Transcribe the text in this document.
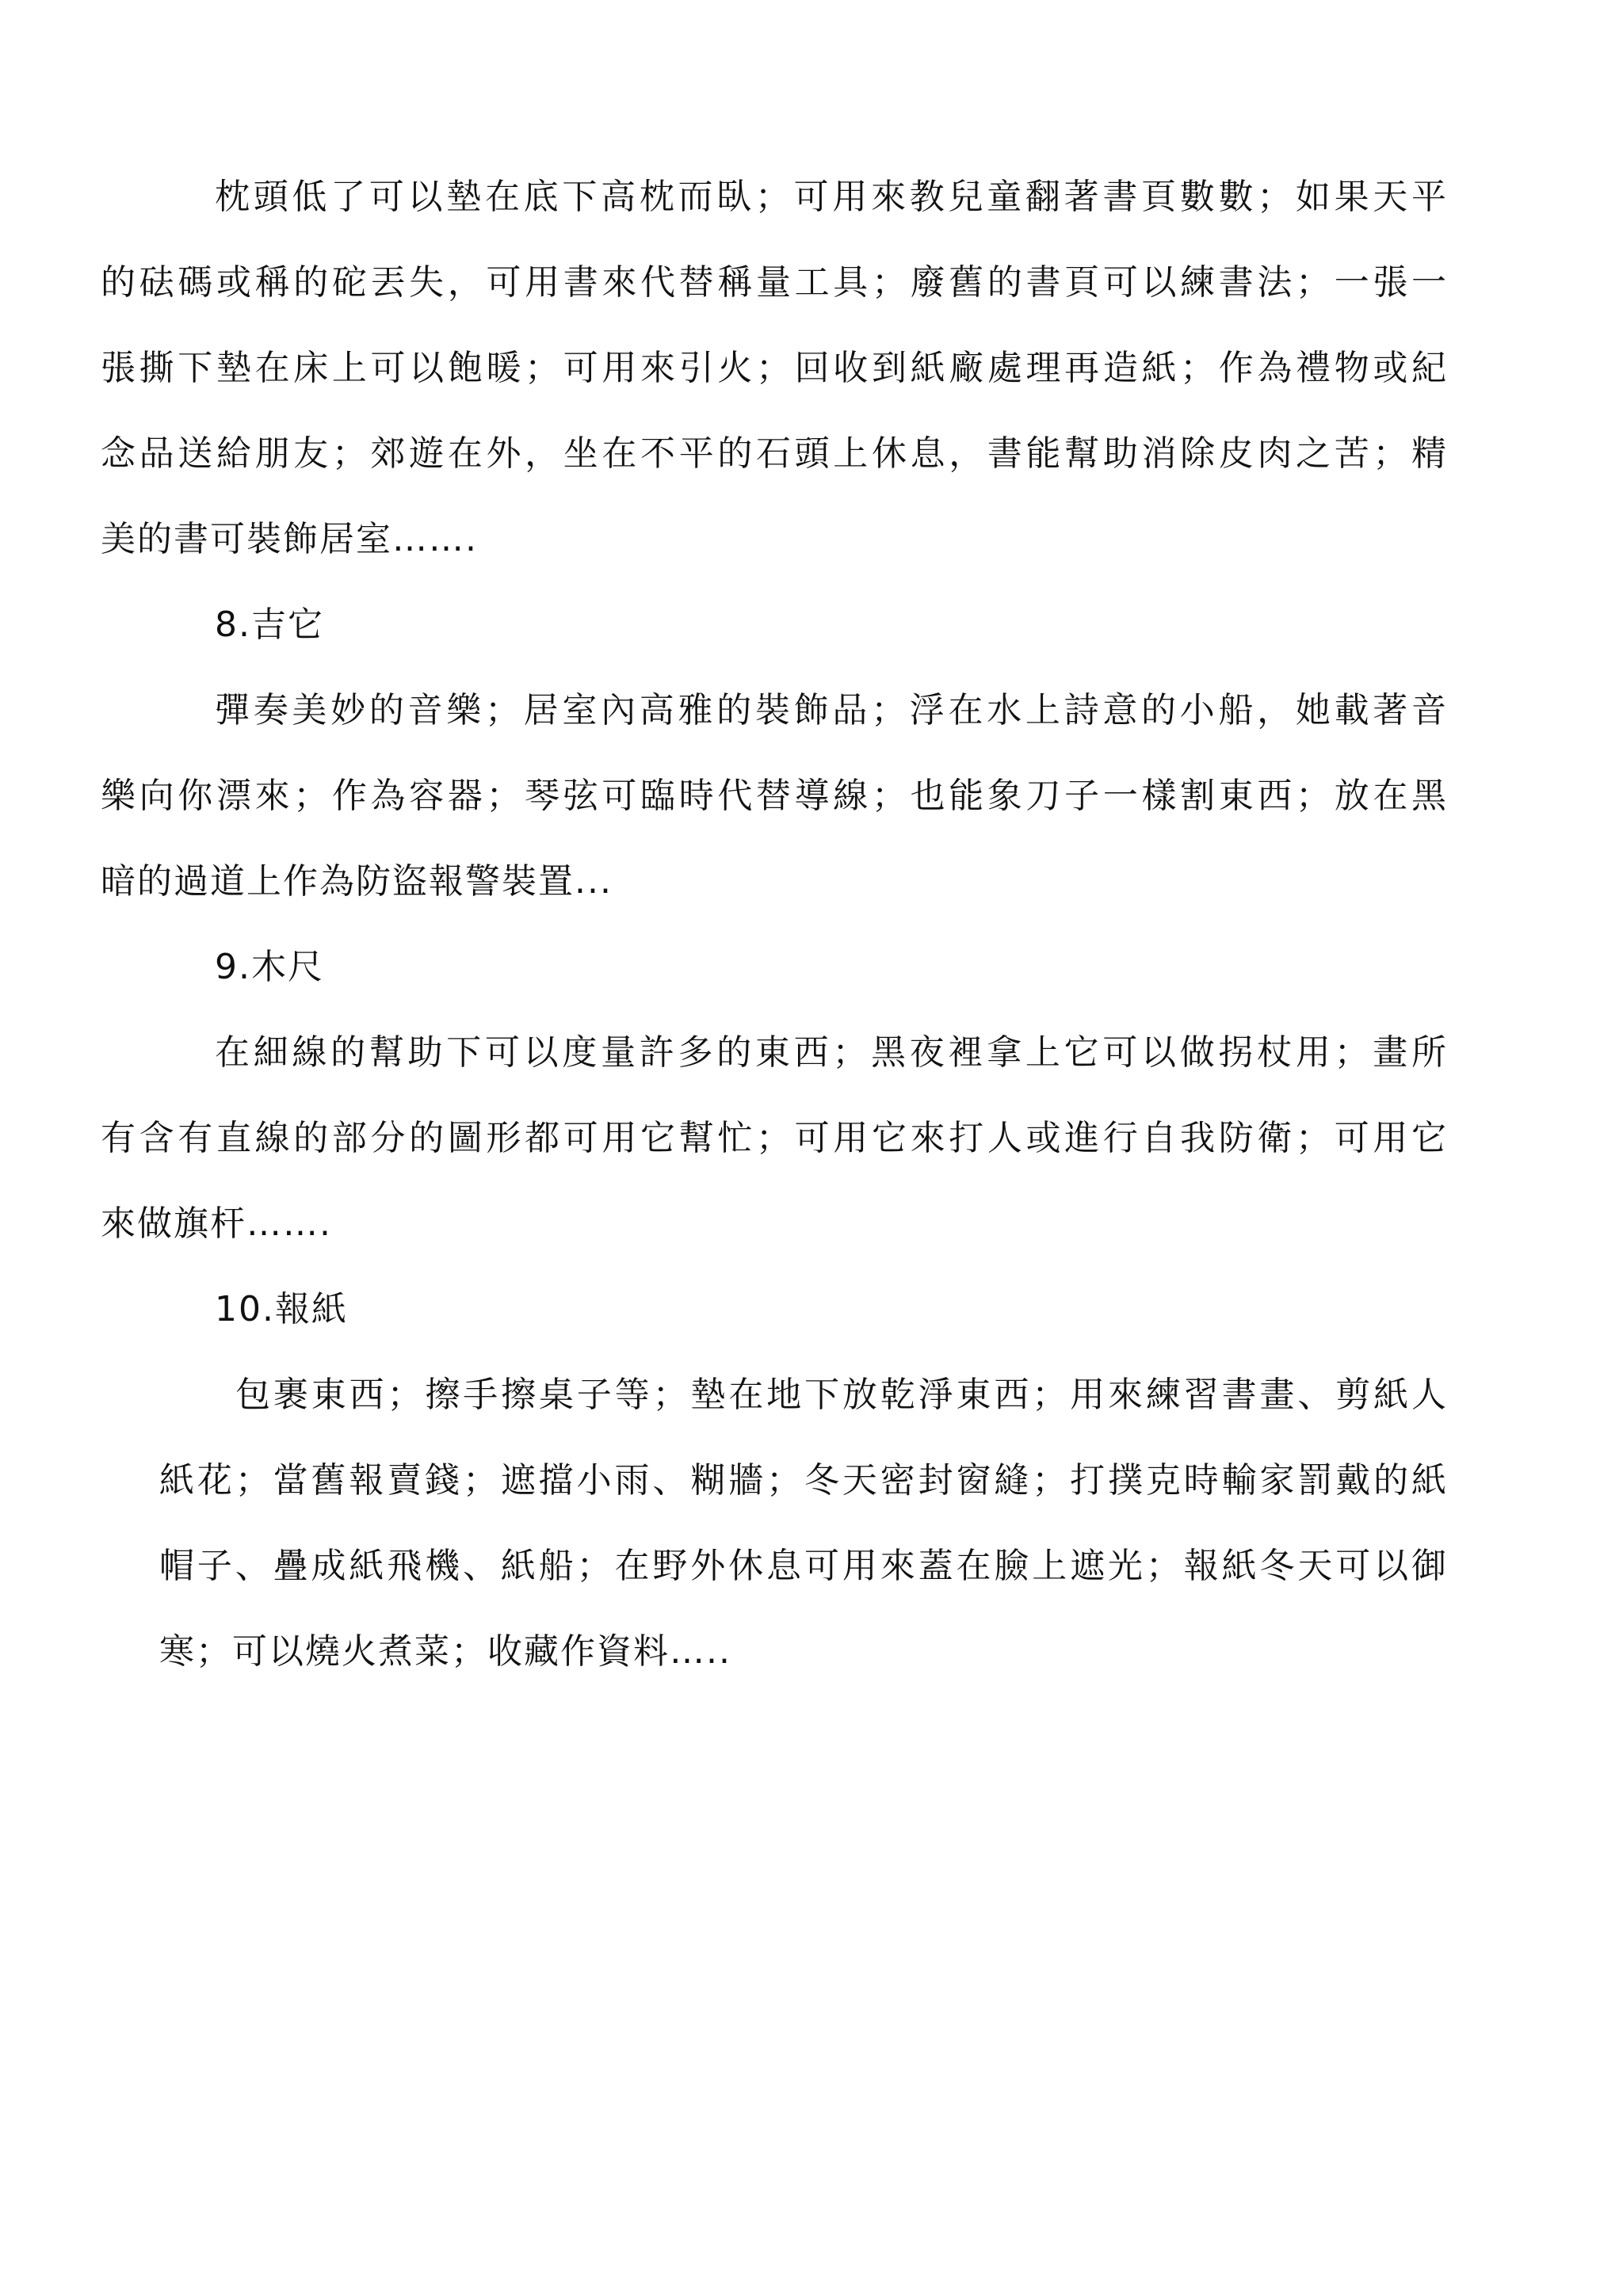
枕頭低了可以墊在底下高枕而臥；可用來教兒童翻著書頁數數；如果天平
的砝碼或稱的砣丟失，可用書來代替稱量工具；廢舊的書頁可以練書法；一張一
張撕下墊在床上可以飽暖；可用來引火；回收到紙廠處理再造紙；作為禮物或紀
念品送給朋友；郊遊在外，坐在不平的石頭上休息，書能幫助消除皮肉之苦；精
美的書可裝飾居室…….
8.吉它
彈奏美妙的音樂；居室內高雅的裝飾品；浮在水上詩意的小船，她載著音
樂向你漂來；作為容器；琴弦可臨時代替導線；也能象刀子一樣割東西；放在黑
暗的過道上作為防盜報警裝置...
9.木尺
在細線的幫助下可以度量許多的東西；黑夜裡拿上它可以做拐杖用；畫所
有含有直線的部分的圖形都可用它幫忙；可用它來打人或進行自我防衛；可用它
來做旗杆…….
10.報紙
包裹東西；擦手擦桌子等；墊在地下放乾淨東西；用來練習書畫、剪紙人
紙花；當舊報賣錢；遮擋小雨、糊牆；冬天密封窗縫；打撲克時輸家罰戴的紙
帽子、疊成紙飛機、紙船；在野外休息可用來蓋在臉上遮光；報紙冬天可以御
寒；可以燒火煮菜；收藏作資料…..
